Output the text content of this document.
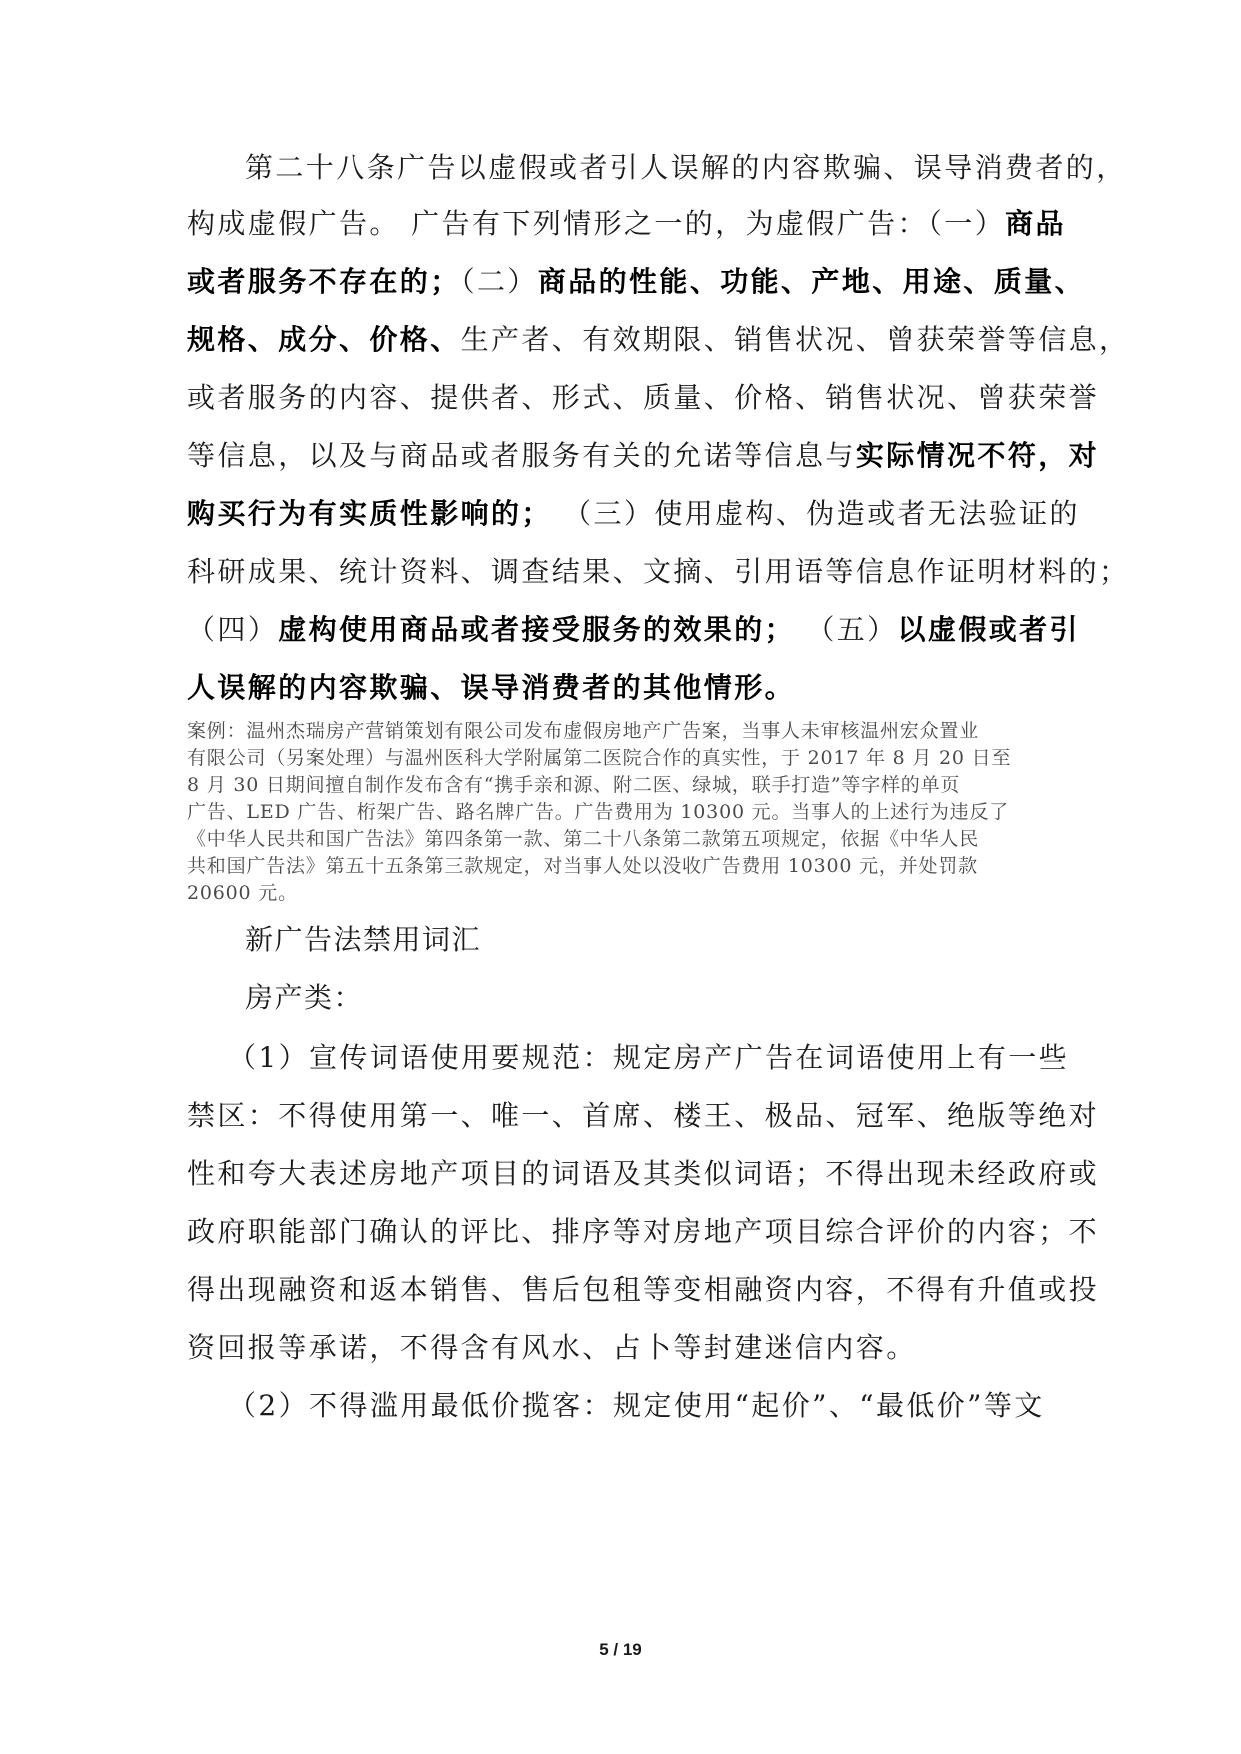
第二十八条广告以虚假或者引人误解的内容欺骗、误导消费者的，
构成虚假广告。 广告有下列情形之一的，为虚假广告：（一）商品
或者服务不存在的；（二）商品的性能、功能、产地、用途、质量、
规格、成分、价格、生产者、有效期限、销售状况、曾获荣誉等信息，
或者服务的内容、提供者、形式、质量、价格、销售状况、曾获荣誉
等信息，以及与商品或者服务有关的允诺等信息与实际情况不符，对
购买行为有实质性影响的； （三）使用虚构、伪造或者无法验证的
科研成果、统计资料、调查结果、文摘、引用语等信息作证明材料的；
（四）虚构使用商品或者接受服务的效果的； （五）以虚假或者引
人误解的内容欺骗、误导消费者的其他情形。
案例：温州杰瑞房产营销策划有限公司发布虚假房地产广告案，当事人未审核温州宏众置业
有限公司（另案处理）与温州医科大学附属第二医院合作的真实性，于 2017 年 8 月 20 日至
8 月 30 日期间擅自制作发布含有“携手亲和源、附二医、绿城，联手打造”等字样的单页
广告、LED 广告、桁架广告、路名牌广告。广告费用为 10300 元。当事人的上述行为违反了
《中华人民共和国广告法》第四条第一款、第二十八条第二款第五项规定，依据《中华人民
共和国广告法》第五十五条第三款规定，对当事人处以没收广告费用 10300 元，并处罚款
20600 元。
新广告法禁用词汇
房产类：
（1）宣传词语使用要规范：规定房产广告在词语使用上有一些
禁区：不得使用第一、唯一、首席、楼王、极品、冠军、绝版等绝对
性和夸大表述房地产项目的词语及其类似词语；不得出现未经政府或
政府职能部门确认的评比、排序等对房地产项目综合评价的内容；不
得出现融资和返本销售、售后包租等变相融资内容，不得有升值或投
资回报等承诺，不得含有风水、占卜等封建迷信内容。
（2）不得滥用最低价揽客：规定使用“起价”、“最低价”等文
5 / 19
